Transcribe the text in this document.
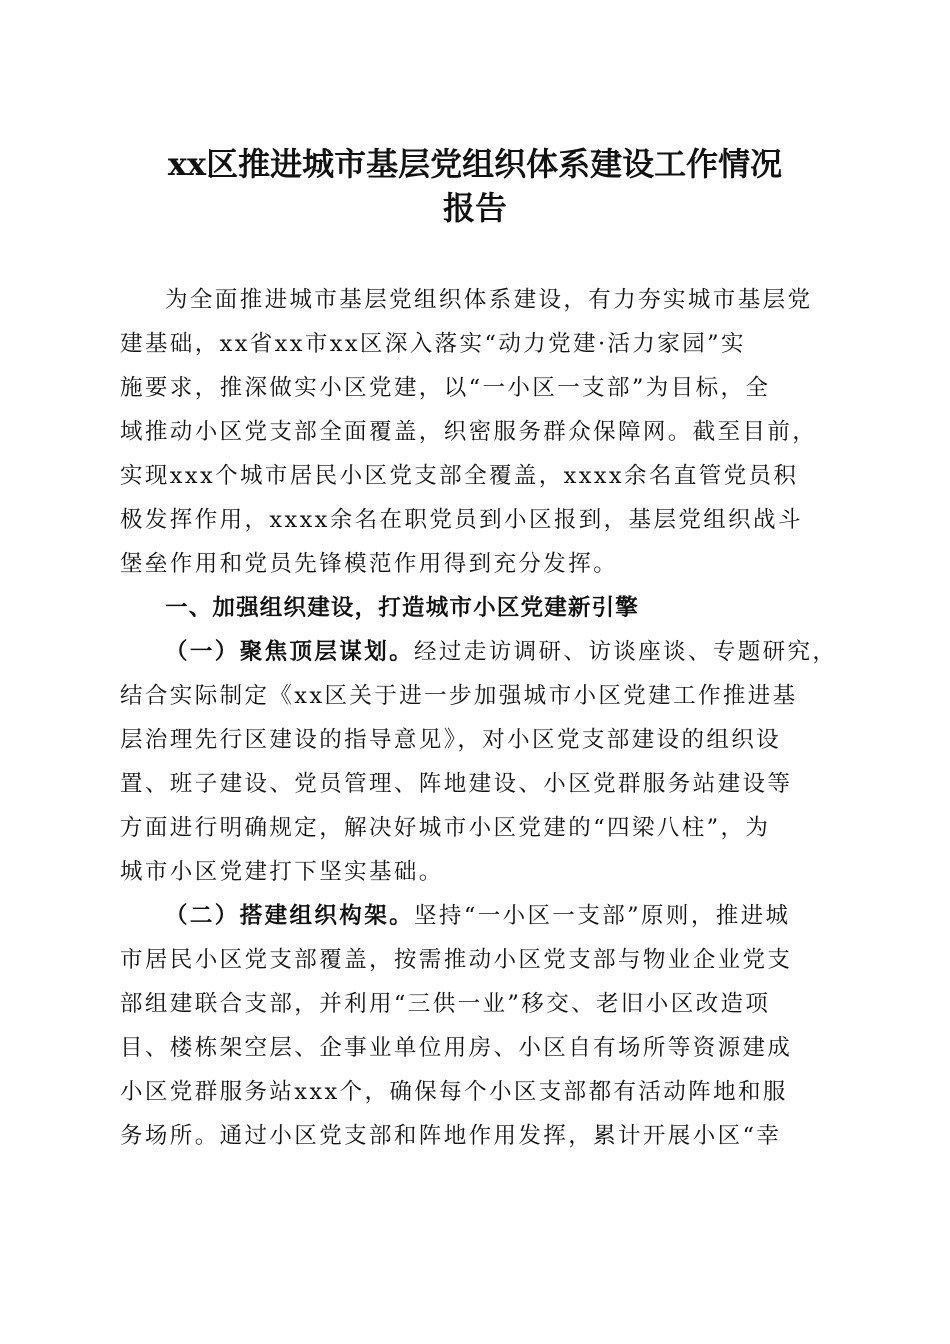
xx区推进城市基层党组织体系建设工作情况
报告
为全面推进城市基层党组织体系建设，有力夯实城市基层党
建基础，xx省xx市xx区深入落实“动力党建·活力家园”实
施要求，推深做实小区党建，以“一小区一支部”为目标，全
域推动小区党支部全面覆盖，织密服务群众保障网。截至目前，
实现xxx个城市居民小区党支部全覆盖，xxxx余名直管党员积
极发挥作用，xxxx余名在职党员到小区报到，基层党组织战斗
堡垒作用和党员先锋模范作用得到充分发挥。
一、加强组织建设，打造城市小区党建新引擎
（一）聚焦顶层谋划。经过走访调研、访谈座谈、专题研究，
结合实际制定《xx区关于进一步加强城市小区党建工作推进基
层治理先行区建设的指导意见》，对小区党支部建设的组织设
置、班子建设、党员管理、阵地建设、小区党群服务站建设等
方面进行明确规定，解决好城市小区党建的“四梁八柱”，为
城市小区党建打下坚实基础。
（二）搭建组织构架。坚持“一小区一支部”原则，推进城
市居民小区党支部覆盖，按需推动小区党支部与物业企业党支
部组建联合支部，并利用“三供一业”移交、老旧小区改造项
目、楼栋架空层、企事业单位用房、小区自有场所等资源建成
小区党群服务站xxx个，确保每个小区支部都有活动阵地和服
务场所。通过小区党支部和阵地作用发挥，累计开展小区“幸
